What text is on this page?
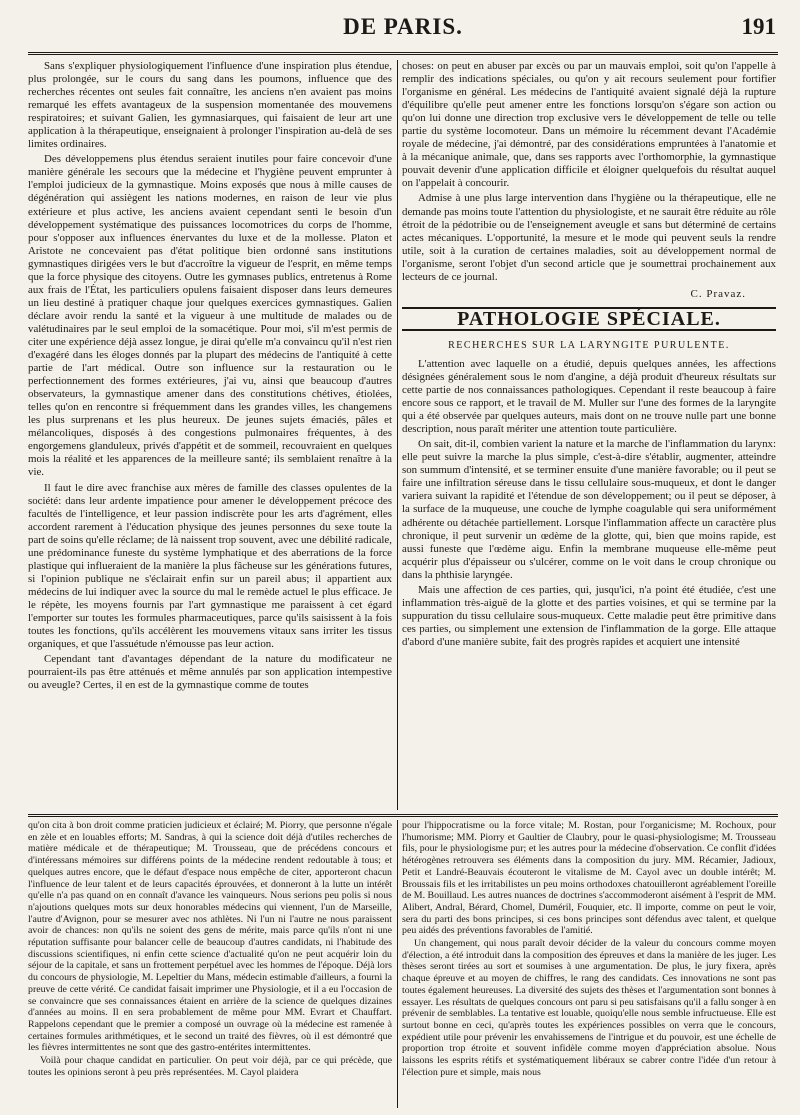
DE PARIS.	191

Sans s'expliquer physiologiquement l'influence d'une inspiration plus étendue, plus prolongée, sur le cours du sang dans les poumons, influence que des recherches récentes ont seules fait connaître, les anciens n'en avaient pas moins remarqué les effets avantageux de la suspension momentanée des mouvemens respiratoires; et suivant Galien, les gymnasiarques, qui faisaient de leur art une application à la thérapeutique, enseignaient à prolonger l'inspiration au-delà de ses limites ordinaires.

Des développemens plus étendus seraient inutiles pour faire concevoir d'une manière générale les secours que la médecine et l'hygiène peuvent emprunter à l'emploi judicieux de la gymnastique. Moins exposés que nous à mille causes de dégénération qui assiègent les nations modernes, en raison de leur vie plus extérieure et plus active, les anciens avaient cependant senti le besoin d'un développement systématique des puissances locomotrices du corps de l'homme, pour s'opposer aux influences énervantes du luxe et de la mollesse. Platon et Aristote ne concevaient pas d'état politique bien ordonné sans institutions gymnastiques dirigées vers le but d'accroître la vigueur de l'esprit, en même temps que la force physique des citoyens. Outre les gymnases publics, entretenus à Rome aux frais de l'État, les particuliers opulens faisaient disposer dans leurs demeures un lieu destiné à pratiquer chaque jour quelques exercices gymnastiques. Galien déclare avoir rendu la santé et la vigueur à une multitude de malades ou de valétudinaires par le seul emploi de la somacétique. Pour moi, s'il m'est permis de citer une expérience déjà assez longue, je dirai qu'elle m'a convaincu qu'il n'est rien d'exagéré dans les éloges donnés par la plupart des médecins de l'antiquité à cette partie de l'art médical. Outre son influence sur la restauration ou le perfectionnement des formes extérieures, j'ai vu, ainsi que beaucoup d'autres observateurs, la gymnastique amener dans des constitutions chétives, étiolées, telles qu'on en rencontre si fréquemment dans les grandes villes, les changemens les plus surprenans et les plus heureux. De jeunes sujets émaciés, pâles et mélancoliques, disposés à des congestions pulmonaires fréquentes, à des engorgemens glanduleux, privés d'appétit et de sommeil, recouvraient en quelques mois la réalité et les apparences de la meilleure santé; ils semblaient renaître à la vie.

Il faut le dire avec franchise aux mères de famille des classes opulentes de la société: dans leur ardente impatience pour amener le développement précoce des facultés de l'intelligence, et leur passion indiscrète pour les arts d'agrément, elles accordent rarement à l'éducation physique des jeunes personnes du sexe toute la part de soins qu'elle réclame; de là naissent trop souvent, avec une débilité radicale, une prédominance funeste du système lymphatique et des aberrations de la force plastique qui influeraient de la manière la plus fâcheuse sur les générations futures, si l'opinion publique ne s'éclairait enfin sur un pareil abus; il appartient aux médecins de lui indiquer avec la source du mal le remède actuel le plus efficace. Je le répète, les moyens fournis par l'art gymnastique me paraissent à cet égard l'emporter sur toutes les formules pharmaceutiques, parce qu'ils saisissent à la fois toutes les fonctions, qu'ils accélèrent les mouvemens vitaux sans irriter les tissus organiques, et que l'assuétude n'émousse pas leur action.

Cependant tant d'avantages dépendant de la nature du modificateur ne pourraient-ils pas être atténués et même annulés par son application intempestive ou aveugle? Certes, il en est de la gymnastique comme de toutes

choses: on peut en abuser par excès ou par un mauvais emploi, soit qu'on l'appelle à remplir des indications spéciales, ou qu'on y ait recours seulement pour fortifier l'organisme en général. Les médecins de l'antiquité avaient signalé déjà la rupture d'équilibre qu'elle peut amener entre les fonctions lorsqu'on s'égare son action ou qu'on lui donne une direction trop exclusive vers le développement de telle ou telle partie du système locomoteur. Dans un mémoire lu récemment devant l'Académie royale de médecine, j'ai démontré, par des considérations empruntées à l'anatomie et à la mécanique animale, que, dans ses rapports avec l'orthomorphie, la gymnastique pouvait devenir d'une application difficile et éloigner quelquefois du résultat auquel on l'appelait à concourir.

Admise à une plus large intervention dans l'hygiène ou la thérapeutique, elle ne demande pas moins toute l'attention du physiologiste, et ne saurait être réduite au rôle étroit de la pédotribie ou de l'enseignement aveugle et sans but déterminé de certains actes mécaniques. L'opportunité, la mesure et le mode qui peuvent seuls la rendre utile, soit à la curation de certaines maladies, soit au développement normal de l'organisme, seront l'objet d'un second article que je soumettrai prochainement aux lecteurs de ce journal.

C. Pravaz.
PATHOLOGIE SPÉCIALE.
RECHERCHES SUR LA LARYNGITE PURULENTE.

L'attention avec laquelle on a étudié, depuis quelques années, les affections désignées généralement sous le nom d'angine, a déjà produit d'heureux résultats sur cette partie de nos connaissances pathologiques. Cependant il reste beaucoup à faire encore sous ce rapport, et le travail de M. Muller sur l'une des formes de la laryngite qui a été observée par quelques auteurs, mais dont on ne trouve nulle part une bonne description, nous paraît mériter une attention toute particulière.

On sait, dit-il, combien varient la nature et la marche de l'inflammation du larynx: elle peut suivre la marche la plus simple, c'est-à-dire s'établir, augmenter, atteindre son summum d'intensité, et se terminer ensuite d'une manière favorable; ou il peut se faire une infiltration séreuse dans le tissu cellulaire sous-muqueux, et dont le danger variera suivant la rapidité et l'étendue de son développement; ou il peut se déposer, à la surface de la muqueuse, une couche de lymphe coagulable qui sera uniformément adhérente ou détachée partiellement. Lorsque l'inflammation affecte un caractère plus chronique, il peut survenir un œdème de la glotte, qui, bien que moins rapide, est aussi funeste que l'œdème aigu. Enfin la membrane muqueuse elle-même peut acquérir plus d'épaisseur ou s'ulcérer, comme on le voit dans le croup chronique ou dans la phthisie laryngée.

Mais une affection de ces parties, qui, jusqu'ici, n'a point été étudiée, c'est une inflammation très-aiguë de la glotte et des parties voisines, et qui se termine par la suppuration du tissu cellulaire sous-muqueux. Cette maladie peut être primitive dans ces parties, ou simplement une extension de l'inflammation de la gorge. Elle attaque d'abord d'une manière subite, fait des progrès rapides et acquiert une intensité

qu'on cita à bon droit comme praticien judicieux et éclairé; M. Piorry, que personne n'égale en zèle et en louables efforts; M. Sandras, à qui la science doit déjà d'utiles recherches de matière médicale et de thérapeutique; M. Trousseau, que de précédens concours et d'intéressans mémoires sur différens points de la médecine rendent redoutable à tous; et quelques autres encore, que le défaut d'espace nous empêche de citer, apporteront chacun l'influence de leur talent et de leurs capacités éprouvées, et donneront à la lutte un intérêt qu'elle n'a pas quand on en connaît d'avance les vainqueurs. Nous serions peu polis si nous n'ajoutions quelques mots sur deux honorables médecins qui viennent, l'un de Marseille, l'autre d'Avignon, pour se mesurer avec nos athlètes. Ni l'un ni l'autre ne nous paraissent avoir de chances: non qu'ils ne soient des gens de mérite, mais parce qu'ils n'ont ni une réputation suffisante pour balancer celle de beaucoup d'autres candidats, ni l'habitude des discussions scientifiques, ni enfin cette science d'actualité qu'on ne peut acquérir loin du séjour de la capitale, et sans un frottement perpétuel avec les hommes de l'époque. Déjà lors du concours de physiologie, M. Lepeltier du Mans, médecin estimable d'ailleurs, a fourni la preuve de cette vérité. Ce candidat faisait imprimer une Physiologie, et il a eu l'occasion de se convaincre que ses connaissances étaient en arrière de la science de quelques dizaines d'années au moins. Il en sera probablement de même pour MM. Evrart et Chauffart. Rappelons cependant que le premier a composé un ouvrage où la médecine est ramenée à certaines formules arithmétiques, et le second un traité des fièvres, où il est démontré que les fièvres intermittentes ne sont que des gastro-entérites intermittentes.

Voilà pour chaque candidat en particulier. On peut voir déjà, par ce qui précède, que toutes les opinions seront à peu près représentées. M. Cayol plaidera

pour l'hippocratisme ou la force vitale; M. Rostan, pour l'organicisme; M. Rochoux, pour l'humorisme; MM. Piorry et Gaultier de Claubry, pour le quasi-physiologisme; M. Trousseau fils, pour le physiologisme pur; et les autres pour la médecine d'observation. Ce conflit d'idées hétérogènes retrouvera ses éléments dans la composition du jury. MM. Récamier, Jadioux, Petit et Landré-Beauvais écouteront le vitalisme de M. Cayol avec un double intérêt; M. Broussais fils et les irritabilistes un peu moins orthodoxes chatouilleront agréablement l'oreille de M. Bouillaud. Les autres nuances de doctrines s'accommoderont aisément à l'esprit de MM. Alibert, Andral, Bérard, Chomel, Duméril, Fouquier, etc. Il importe, comme on peut le voir, sera du parti des bons principes, si ces bons principes sont défendus avec talent, et quelque peu aidés des préventions favorables de l'amitié.

Un changement, qui nous paraît devoir décider de la valeur du concours comme moyen d'élection, a été introduit dans la composition des épreuves et dans la manière de les juger. Les thèses seront tirées au sort et soumises à une argumentation. De plus, le jury fixera, après chaque épreuve et au moyen de chiffres, le rang des candidats. Ces innovations ne sont pas toutes également heureuses. La diversité des sujets des thèses et l'argumentation sont bonnes à essayer. Les résultats de quelques concours ont paru si peu satisfaisans qu'il a fallu songer à en prévenir de semblables. La tentative est louable, quoiqu'elle nous semble infructueuse. Elle est surtout bonne en ceci, qu'après toutes les expériences possibles on verra que le concours, expédient utile pour prévenir les envahissemens de l'intrigue et du pouvoir, est une échelle de proportion trop étroite et souvent infidèle comme moyen d'appréciation absolue. Nous laissons les esprits rétifs et systématiquement libéraux se cabrer contre l'idée d'un retour à l'élection pure et simple, mais nous
